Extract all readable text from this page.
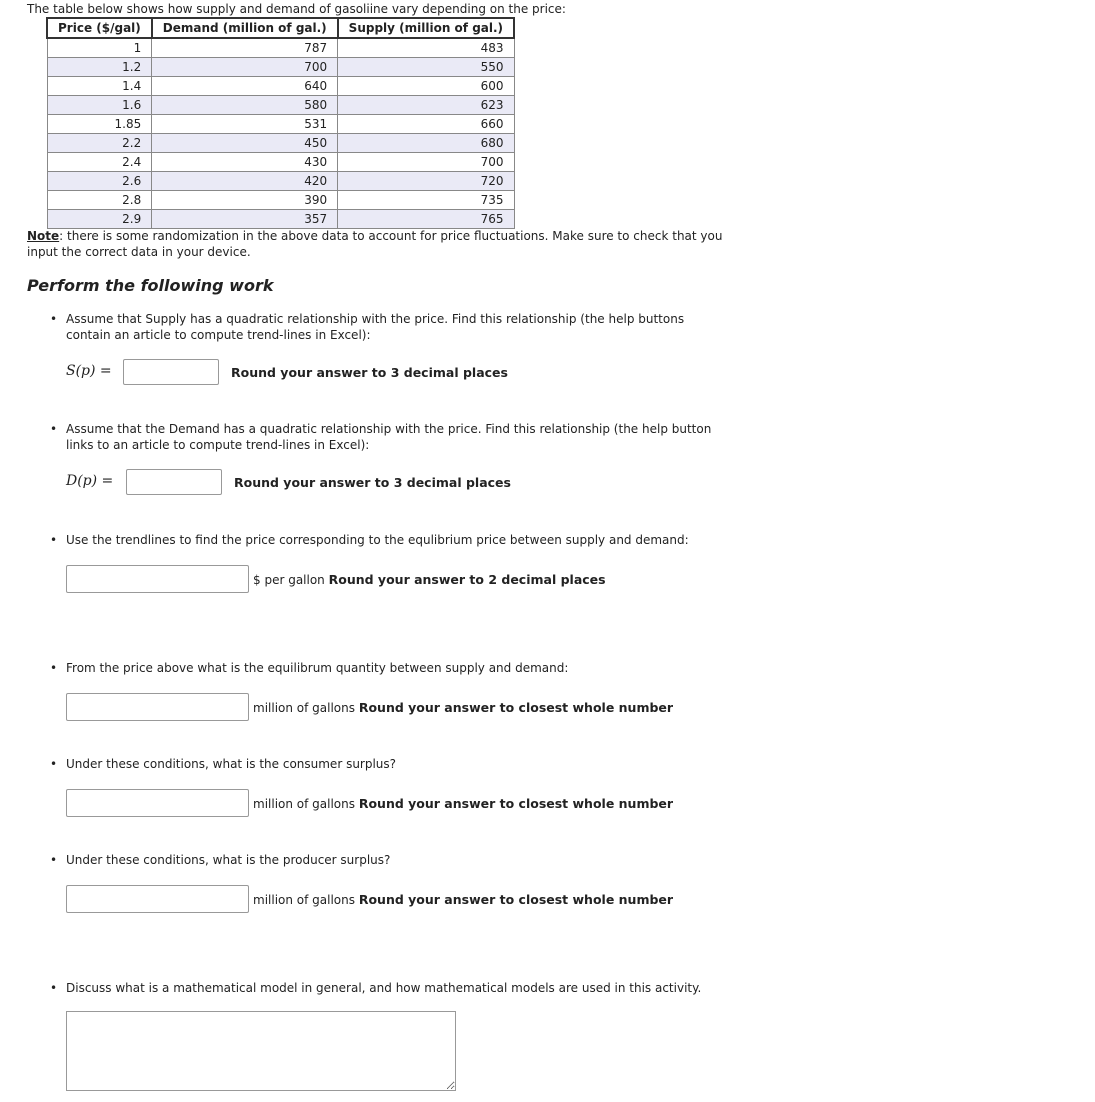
The table below shows how supply and demand of gasoliine vary depending on the price:
Price ($/gal)	Demand (million of gal.)	Supply (million of gal.)
1	787	483
1.2	700	550
1.4	640	600
1.6	580	623
1.85	531	660
2.2	450	680
2.4	430	700
2.6	420	720
2.8	390	735
2.9	357	765
Note: there is some randomization in the above data to account for price fluctuations. Make sure to check that you input the correct data in your device.
Perform the following work
• Assume that Supply has a quadratic relationship with the price. Find this relationship (the help buttons contain an article to compute trend-lines in Excel):
S(p) =	Round your answer to 3 decimal places
• Assume that the Demand has a quadratic relationship with the price. Find this relationship (the help button links to an article to compute trend-lines in Excel):
D(p) =	Round your answer to 3 decimal places
• Use the trendlines to find the price corresponding to the equlibrium price between supply and demand:
$ per gallon Round your answer to 2 decimal places
• From the price above what is the equilibrum quantity between supply and demand:
million of gallons Round your answer to closest whole number
• Under these conditions, what is the consumer surplus?
million of gallons Round your answer to closest whole number
• Under these conditions, what is the producer surplus?
million of gallons Round your answer to closest whole number
• Discuss what is a mathematical model in general, and how mathematical models are used in this activity.
